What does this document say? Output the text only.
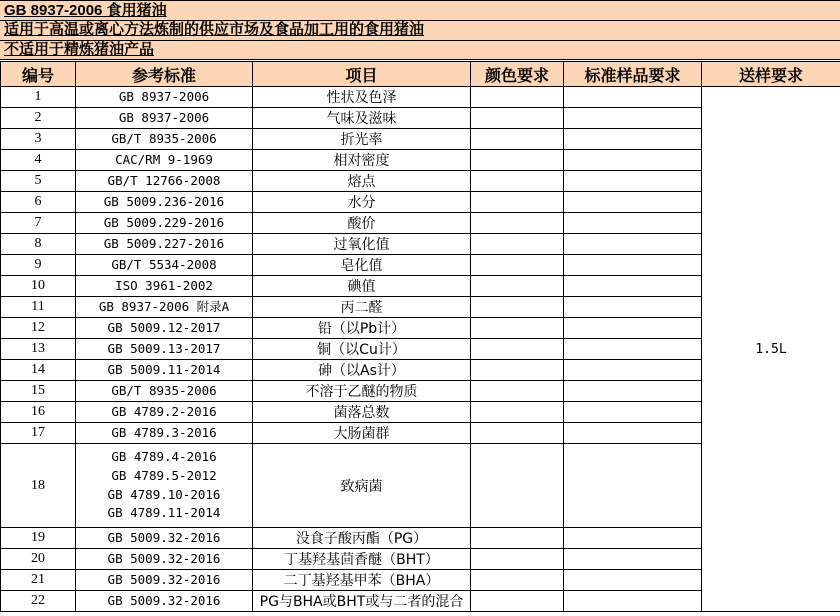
GB 8937-2006 食用猪油
适用于高温或离心方法炼制的供应市场及食品加工用的食用猪油
不适用于精炼猪油产品
编号	参考标准	项目	颜色要求	标准样品要求	送样要求
1	GB 8937-2006	性状及色泽			1.5L
2	GB 8937-2006	气味及滋味			
3	GB/T 8935-2006	折光率			
4	CAC/RM 9-1969	相对密度			
5	GB/T 12766-2008	熔点			
6	GB 5009.236-2016	水分			
7	GB 5009.229-2016	酸价			
8	GB 5009.227-2016	过氧化值			
9	GB/T 5534-2008	皂化值			
10	ISO 3961-2002	碘值			
11	GB 8937-2006 附录A	丙二醛			
12	GB 5009.12-2017	铅（以Pb计）			
13	GB 5009.13-2017	铜（以Cu计）			
14	GB 5009.11-2014	砷（以As计）			
15	GB/T 8935-2006	不溶于乙醚的物质			
16	GB 4789.2-2016	菌落总数			
17	GB 4789.3-2016	大肠菌群			
18	GB 4789.4-2016
GB 4789.5-2012
GB 4789.10-2016
GB 4789.11-2014	致病菌			
19	GB 5009.32-2016	没食子酸丙酯（PG）			
20	GB 5009.32-2016	丁基羟基茴香醚（BHT）			
21	GB 5009.32-2016	二丁基羟基甲苯（BHA）			
22	GB 5009.32-2016	PG与BHA或BHT或与二者的混合			
